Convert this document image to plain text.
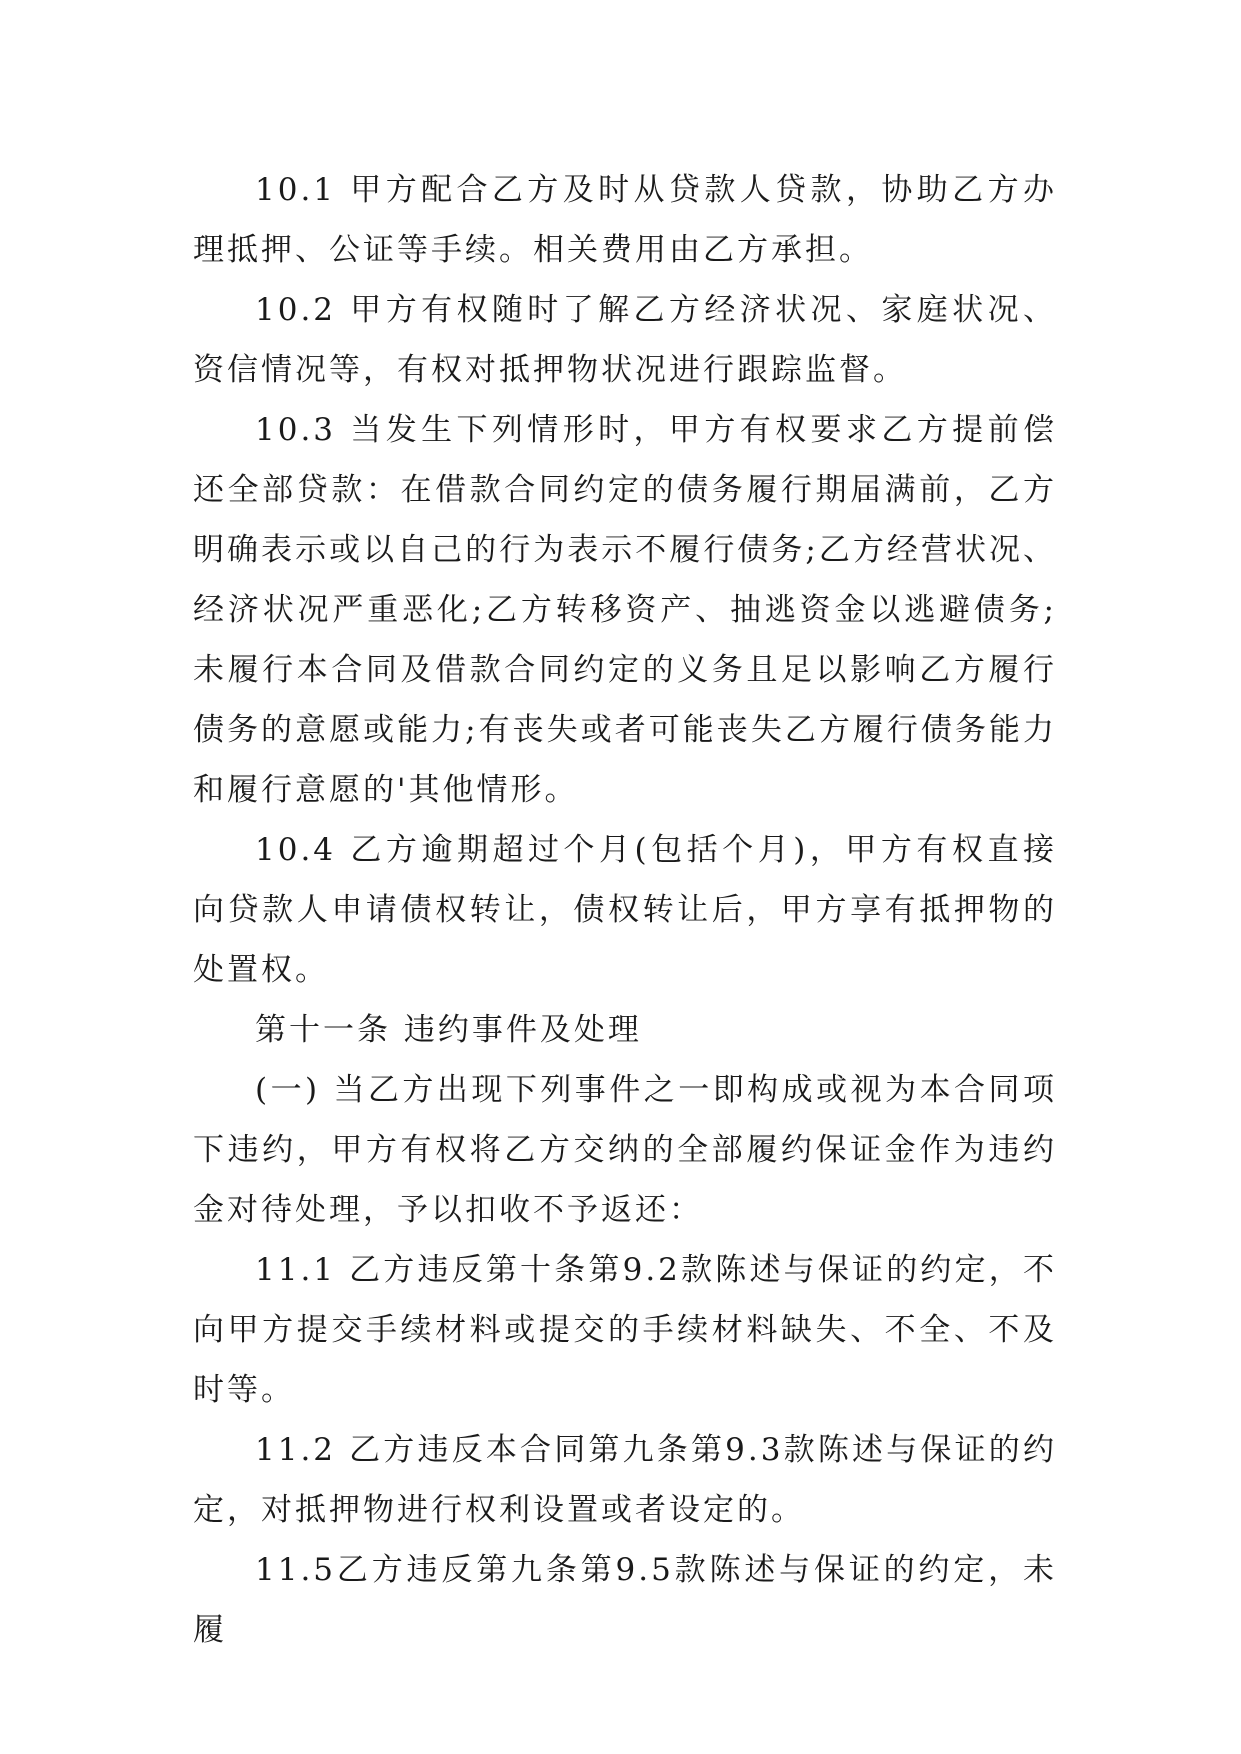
10.1 甲方配合乙方及时从贷款人贷款，协助乙方办理抵押、公证等手续。相关费用由乙方承担。

10.2 甲方有权随时了解乙方经济状况、家庭状况、资信情况等，有权对抵押物状况进行跟踪监督。

10.3 当发生下列情形时，甲方有权要求乙方提前偿还全部贷款：在借款合同约定的债务履行期届满前，乙方明确表示或以自己的行为表示不履行债务;乙方经营状况、经济状况严重恶化;乙方转移资产、抽逃资金以逃避债务;未履行本合同及借款合同约定的义务且足以影响乙方履行债务的意愿或能力;有丧失或者可能丧失乙方履行债务能力和履行意愿的'其他情形。

10.4 乙方逾期超过个月(包括个月)，甲方有权直接向贷款人申请债权转让，债权转让后，甲方享有抵押物的处置权。

第十一条 违约事件及处理

(一) 当乙方出现下列事件之一即构成或视为本合同项下违约，甲方有权将乙方交纳的全部履约保证金作为违约金对待处理，予以扣收不予返还：

11.1 乙方违反第十条第9.2款陈述与保证的约定，不向甲方提交手续材料或提交的手续材料缺失、不全、不及时等。

11.2 乙方违反本合同第九条第9.3款陈述与保证的约定，对抵押物进行权利设置或者设定的。

11.5乙方违反第九条第9.5款陈述与保证的约定，未履
